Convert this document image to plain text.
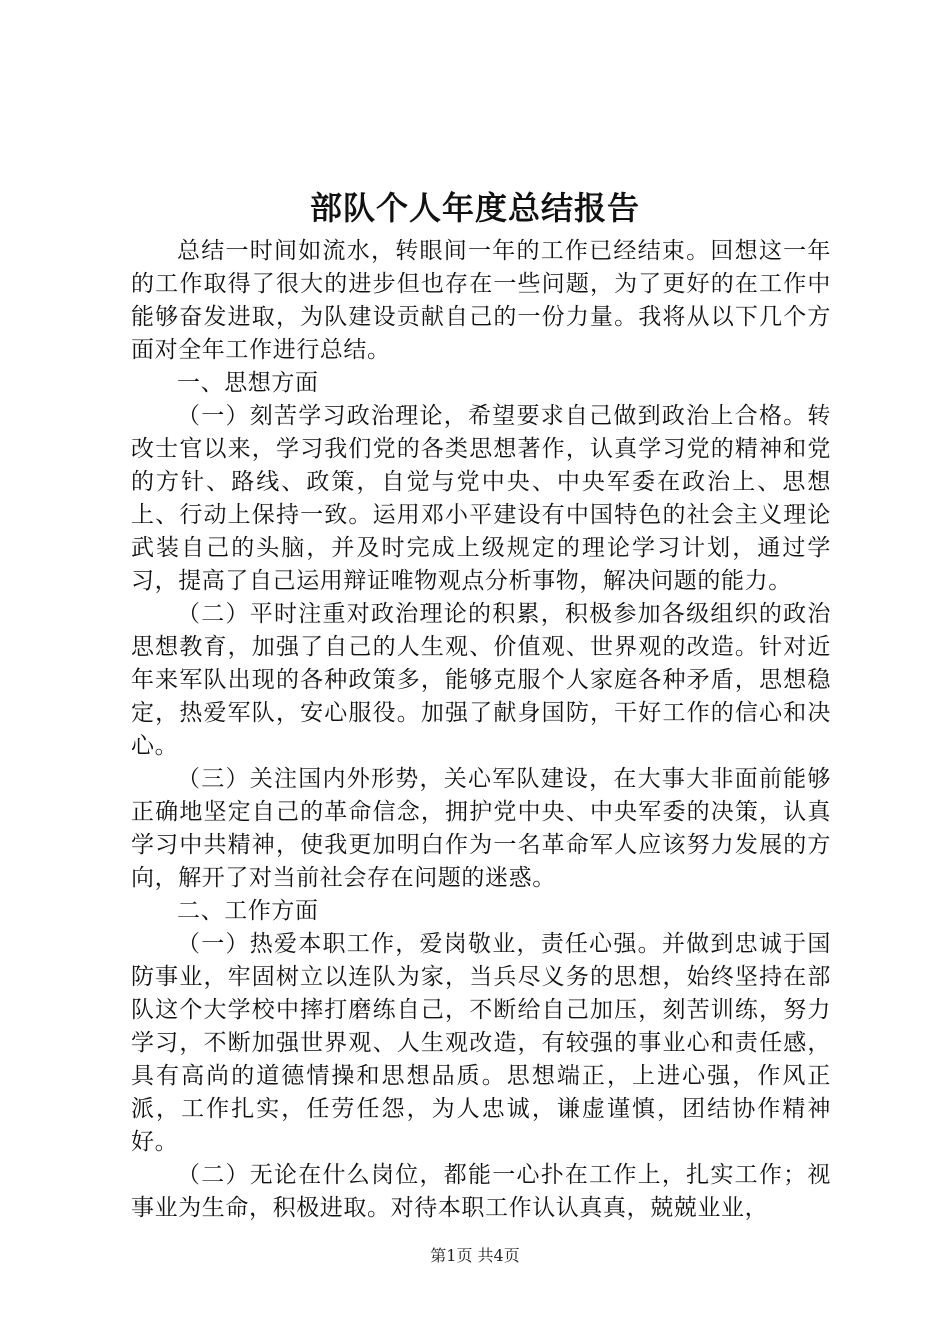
部队个人年度总结报告

总结一时间如流水，转眼间一年的工作已经结束。回想这一年的工作取得了很大的进步但也存在一些问题，为了更好的在工作中能够奋发进取，为队建设贡献自己的一份力量。我将从以下几个方面对全年工作进行总结。

一、思想方面

（一）刻苦学习政治理论，希望要求自己做到政治上合格。转改士官以来，学习我们党的各类思想著作，认真学习党的精神和党的方针、路线、政策，自觉与党中央、中央军委在政治上、思想上、行动上保持一致。运用邓小平建设有中国特色的社会主义理论武装自己的头脑，并及时完成上级规定的理论学习计划，通过学习，提高了自己运用辩证唯物观点分析事物，解决问题的能力。

（二）平时注重对政治理论的积累，积极参加各级组织的政治思想教育，加强了自己的人生观、价值观、世界观的改造。针对近年来军队出现的各种政策多，能够克服个人家庭各种矛盾，思想稳定，热爱军队，安心服役。加强了献身国防，干好工作的信心和决心。

（三）关注国内外形势，关心军队建设，在大事大非面前能够正确地坚定自己的革命信念，拥护党中央、中央军委的决策，认真学习中共精神，使我更加明白作为一名革命军人应该努力发展的方向，解开了对当前社会存在问题的迷惑。

二、工作方面

（一）热爱本职工作，爱岗敬业，责任心强。并做到忠诚于国防事业，牢固树立以连队为家，当兵尽义务的思想，始终坚持在部队这个大学校中摔打磨练自己，不断给自己加压，刻苦训练，努力学习，不断加强世界观、人生观改造，有较强的事业心和责任感，具有高尚的道德情操和思想品质。思想端正，上进心强，作风正派，工作扎实，任劳任怨，为人忠诚，谦虚谨慎，团结协作精神好。

（二）无论在什么岗位，都能一心扑在工作上，扎实工作；视事业为生命，积极进取。对待本职工作认认真真，兢兢业业，

第1页 共4页
